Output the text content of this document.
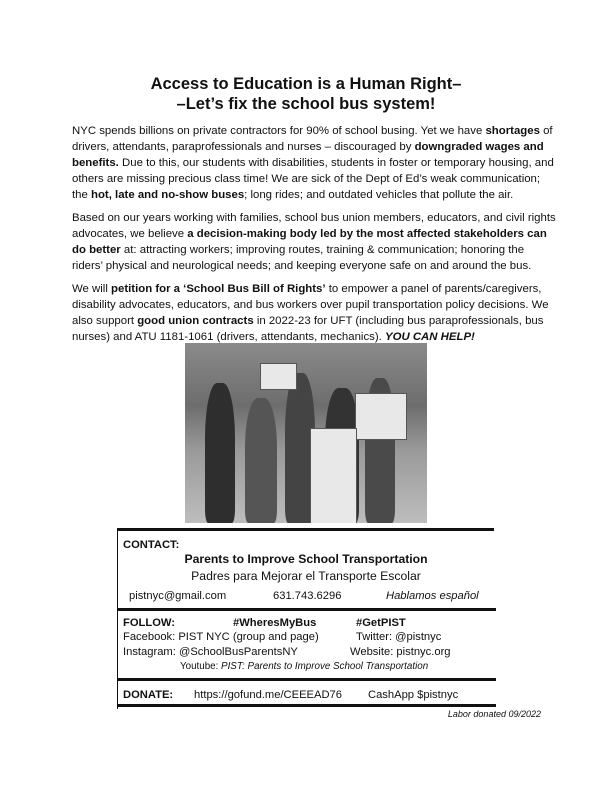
Access to Education is a Human Right–
–Let’s fix the school bus system!
NYC spends billions on private contractors for 90% of school busing. Yet we have shortages of
drivers, attendants, paraprofessionals and nurses – discouraged by downgraded wages and
benefits. Due to this, our students with disabilities, students in foster or temporary housing, and
others are missing precious class time! We are sick of the Dept of Ed’s weak communication;
the hot, late and no-show buses; long rides; and outdated vehicles that pollute the air.
Based on our years working with families, school bus union members, educators, and civil rights
advocates, we believe a decision-making body led by the most affected stakeholders can
do better at: attracting workers; improving routes, training & communication; honoring the
riders’ physical and neurological needs; and keeping everyone safe on and around the bus.
We will petition for a ‘School Bus Bill of Rights’ to empower a panel of parents/caregivers,
disability advocates, educators, and bus workers over pupil transportation policy decisions. We
also support good union contracts in 2022-23 for UFT (including bus paraprofessionals, bus
nurses) and ATU 1181-1061 (drivers, attendants, mechanics). YOU CAN HELP!
CONTACT:
Parents to Improve School Transportation
Padres para Mejorar el Transporte Escolar
pistnyc@gmail.com	631.743.6296	Hablamos español
FOLLOW:	#WheresMyBus	#GetPIST
Facebook: PIST NYC (group and page)	Twitter: @pistnyc
Instagram: @SchoolBusParentsNY	Website: pistnyc.org
Youtube: PIST: Parents to Improve School Transportation
DONATE: https://gofund.me/CEEEAD76 CashApp $pistnyc
Labor donated 09/2022
